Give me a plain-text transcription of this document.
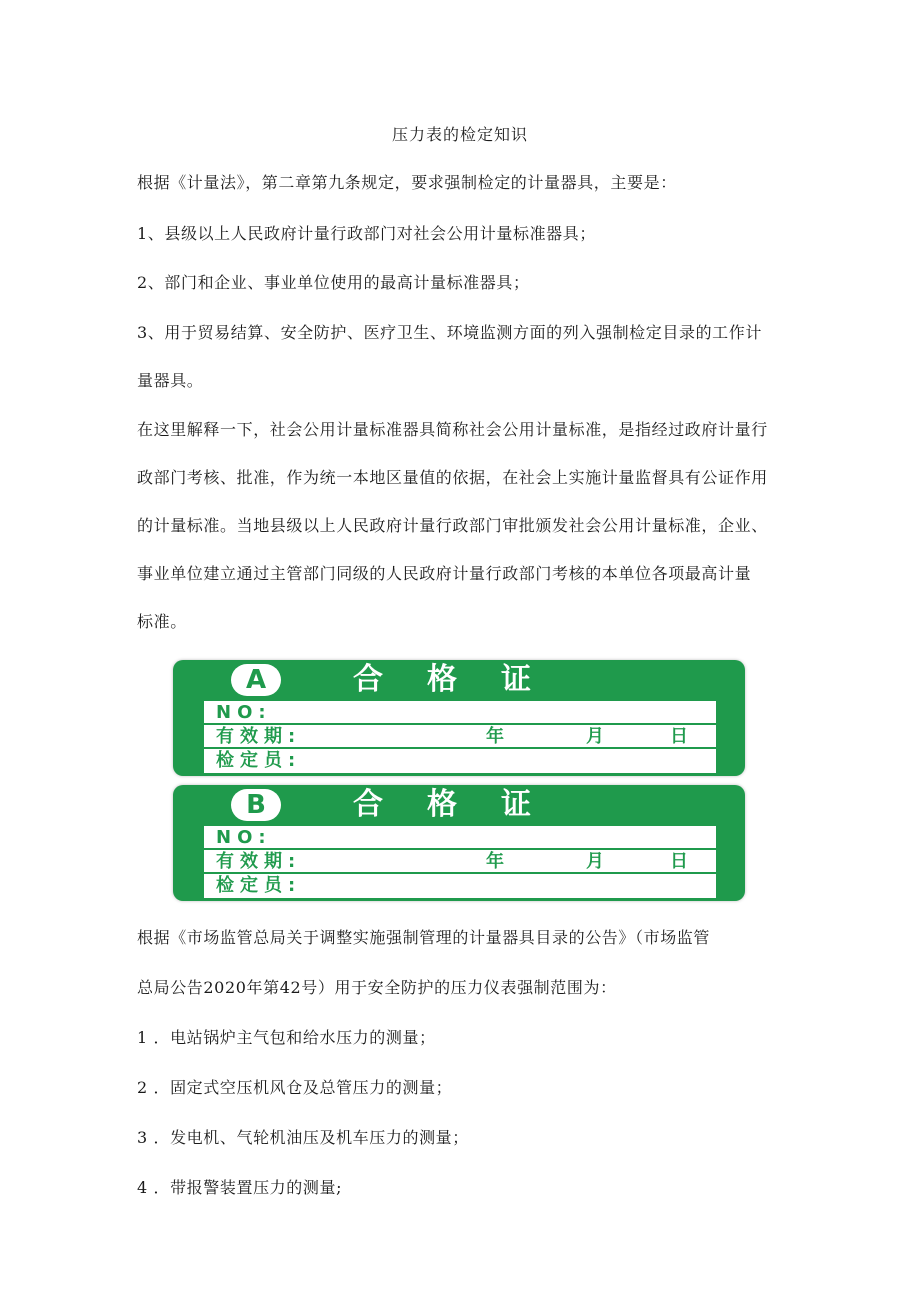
压力表的检定知识
根据《计量法》，第二章第九条规定，要求强制检定的计量器具，主要是：
1、县级以上人民政府计量行政部门对社会公用计量标准器具；
2、部门和企业、事业单位使用的最高计量标准器具；
3、用于贸易结算、安全防护、医疗卫生、环境监测方面的列入强制检定目录的工作计
量器具。
在这里解释一下，社会公用计量标准器具简称社会公用计量标准，是指经过政府计量行
政部门考核、批准，作为统一本地区量值的依据，在社会上实施计量监督具有公证作用
的计量标准。当地县级以上人民政府计量行政部门审批颁发社会公用计量标准，企业、
事业单位建立通过主管部门同级的人民政府计量行政部门考核的本单位各项最高计量
标准。
A	合格证
NO:
有效期:	年	月	日
检定员:
B	合格证
NO:
有效期:	年	月	日
检定员:
根据《市场监管总局关于调整实施强制管理的计量器具目录的公告》（市场监管
总局公告2020年第42号）用于安全防护的压力仪表强制范围为：
1 ．电站锅炉主气包和给水压力的测量；
2 ．固定式空压机风仓及总管压力的测量；
3 ．发电机、气轮机油压及机车压力的测量；
4 ．带报警装置压力的测量;
